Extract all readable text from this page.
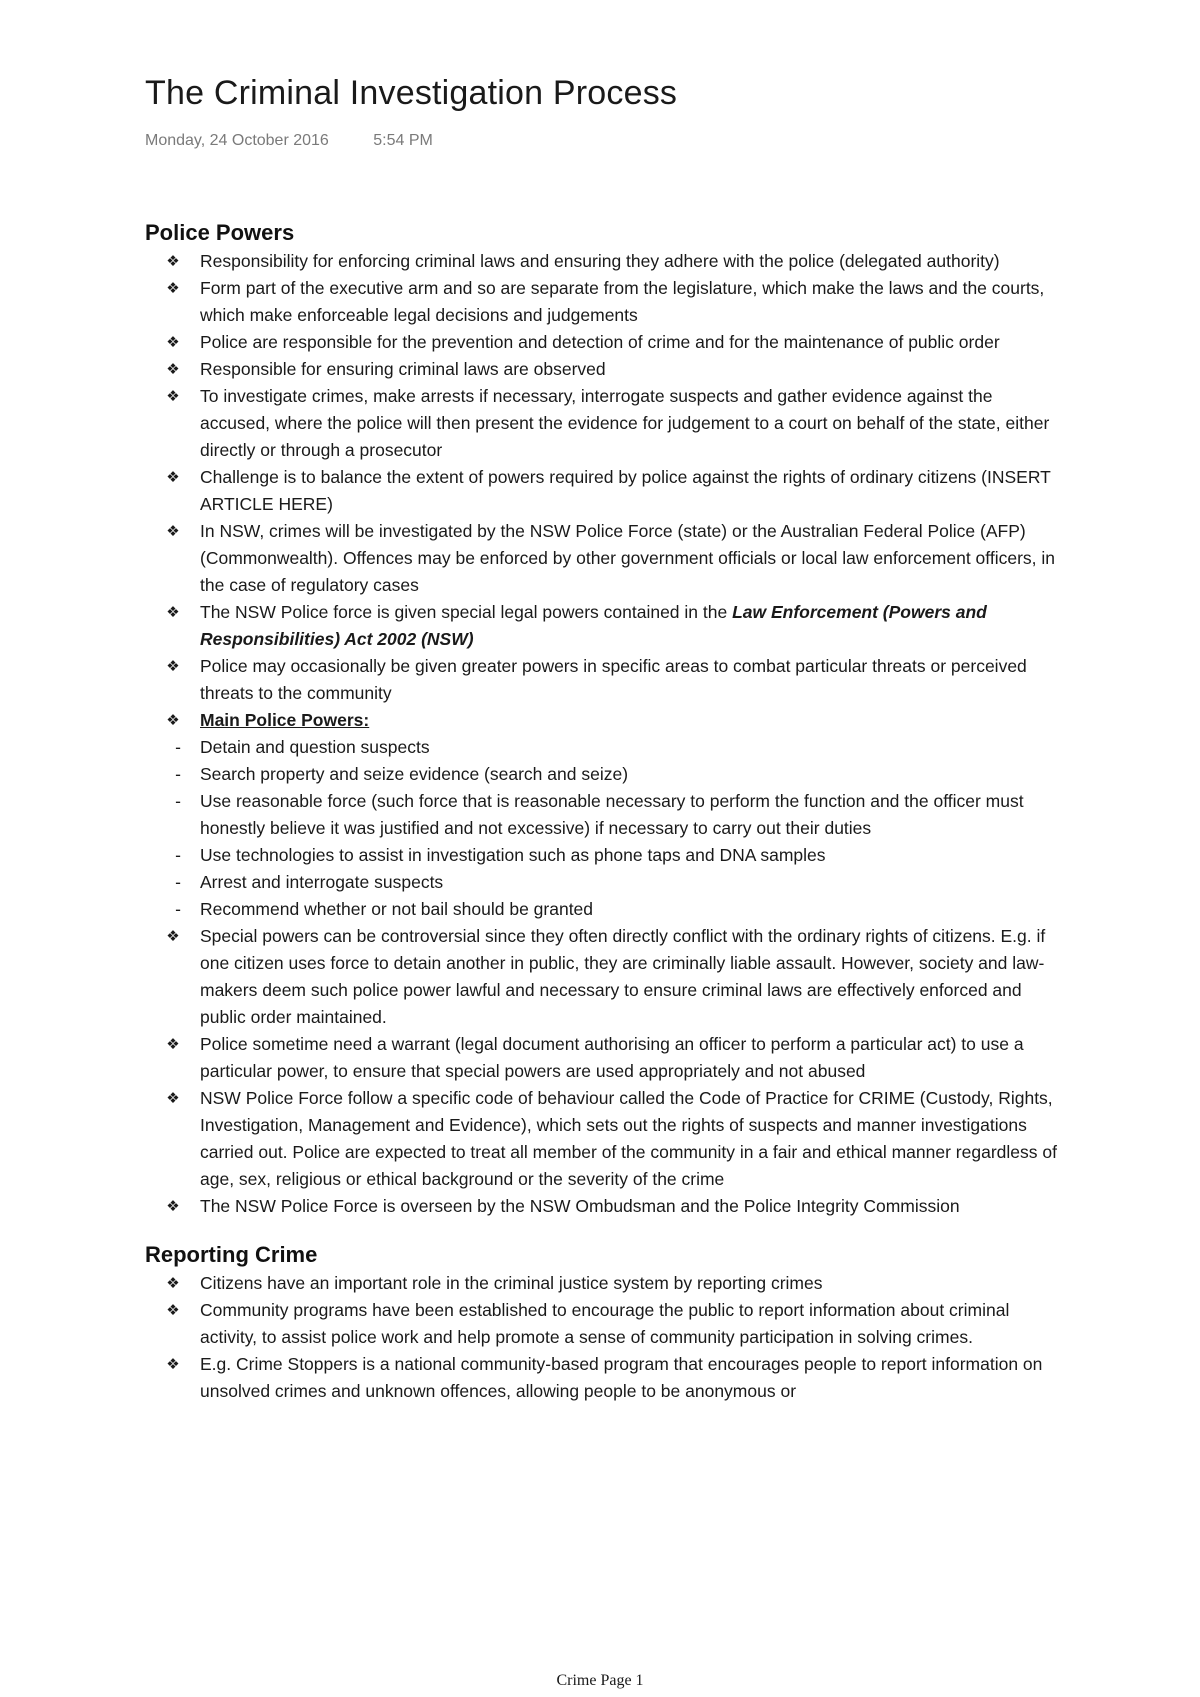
The Criminal Investigation Process
Monday, 24 October 2016	5:54 PM
Police Powers
❖ Responsibility for enforcing criminal laws and ensuring they adhere with the police (delegated authority)
❖ Form part of the executive arm and so are separate from the legislature, which make the laws and the courts, which make enforceable legal decisions and judgements
❖ Police are responsible for the prevention and detection of crime and for the maintenance of public order
❖ Responsible for ensuring criminal laws are observed
❖ To investigate crimes, make arrests if necessary, interrogate suspects and gather evidence against the accused, where the police will then present the evidence for judgement to a court on behalf of the state, either directly or through a prosecutor
❖ Challenge is to balance the extent of powers required by police against the rights of ordinary citizens (INSERT ARTICLE HERE)
❖ In NSW, crimes will be investigated by the NSW Police Force (state) or the Australian Federal Police (AFP) (Commonwealth). Offences may be enforced by other government officials or local law enforcement officers, in the case of regulatory cases
❖ The NSW Police force is given special legal powers contained in the Law Enforcement (Powers and Responsibilities) Act 2002 (NSW)
❖ Police may occasionally be given greater powers in specific areas to combat particular threats or perceived threats to the community
❖ Main Police Powers:
- Detain and question suspects
- Search property and seize evidence (search and seize)
- Use reasonable force (such force that is reasonable necessary to perform the function and the officer must honestly believe it was justified and not excessive) if necessary to carry out their duties
- Use technologies to assist in investigation such as phone taps and DNA samples
- Arrest and interrogate suspects
- Recommend whether or not bail should be granted
❖ Special powers can be controversial since they often directly conflict with the ordinary rights of citizens. E.g. if one citizen uses force to detain another in public, they are criminally liable assault. However, society and law-makers deem such police power lawful and necessary to ensure criminal laws are effectively enforced and public order maintained.
❖ Police sometime need a warrant (legal document authorising an officer to perform a particular act) to use a particular power, to ensure that special powers are used appropriately and not abused
❖ NSW Police Force follow a specific code of behaviour called the Code of Practice for CRIME (Custody, Rights, Investigation, Management and Evidence), which sets out the rights of suspects and manner investigations carried out. Police are expected to treat all member of the community in a fair and ethical manner regardless of age, sex, religious or ethical background or the severity of the crime
❖ The NSW Police Force is overseen by the NSW Ombudsman and the Police Integrity Commission
Reporting Crime
❖ Citizens have an important role in the criminal justice system by reporting crimes
❖ Community programs have been established to encourage the public to report information about criminal activity, to assist police work and help promote a sense of community participation in solving crimes.
❖ E.g. Crime Stoppers is a national community-based program that encourages people to report information on unsolved crimes and unknown offences, allowing people to be anonymous or
Crime Page 1
